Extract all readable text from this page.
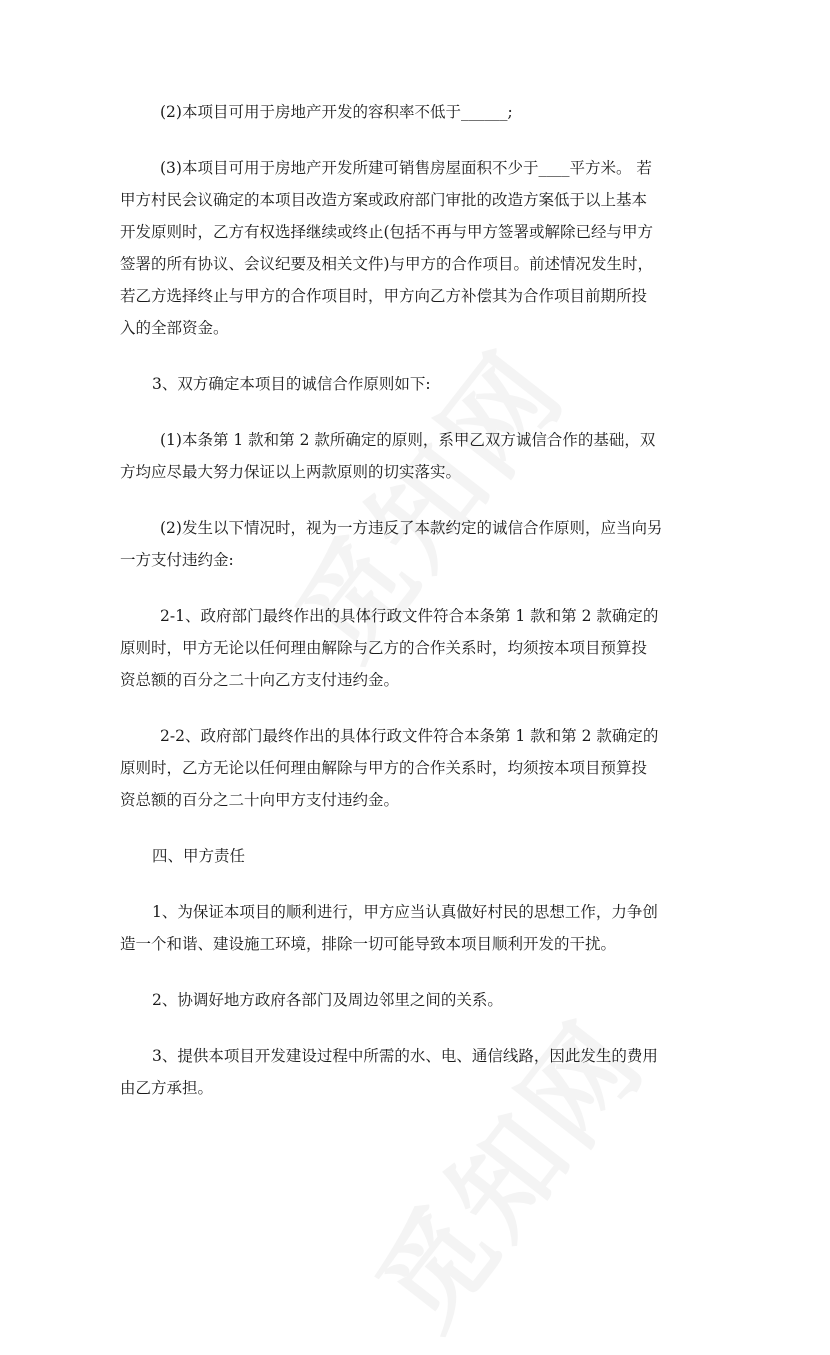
(2)本项目可用于房地产开发的容积率不低于______;

(3)本项目可用于房地产开发所建可销售房屋面积不少于____平方米。 若
甲方村民会议确定的本项目改造方案或政府部门审批的改造方案低于以上基本
开发原则时，乙方有权选择继续或终止(包括不再与甲方签署或解除已经与甲方
签署的所有协议、会议纪要及相关文件)与甲方的合作项目。前述情况发生时，
若乙方选择终止与甲方的合作项目时，甲方向乙方补偿其为合作项目前期所投
入的全部资金。

3、双方确定本项目的诚信合作原则如下:

(1)本条第 1 款和第 2 款所确定的原则，系甲乙双方诚信合作的基础，双
方均应尽最大努力保证以上两款原则的切实落实。

(2)发生以下情况时，视为一方违反了本款约定的诚信合作原则，应当向另
一方支付违约金:

2-1、政府部门最终作出的具体行政文件符合本条第 1 款和第 2 款确定的
原则时，甲方无论以任何理由解除与乙方的合作关系时，均须按本项目预算投
资总额的百分之二十向乙方支付违约金。

2-2、政府部门最终作出的具体行政文件符合本条第 1 款和第 2 款确定的
原则时，乙方无论以任何理由解除与甲方的合作关系时，均须按本项目预算投
资总额的百分之二十向甲方支付违约金。

四、甲方责任

1、为保证本项目的顺利进行，甲方应当认真做好村民的思想工作，力争创
造一个和谐、建设施工环境，排除一切可能导致本项目顺利开发的干扰。

2、协调好地方政府各部门及周边邻里之间的关系。

3、提供本项目开发建设过程中所需的水、电、通信线路，因此发生的费用
由乙方承担。
